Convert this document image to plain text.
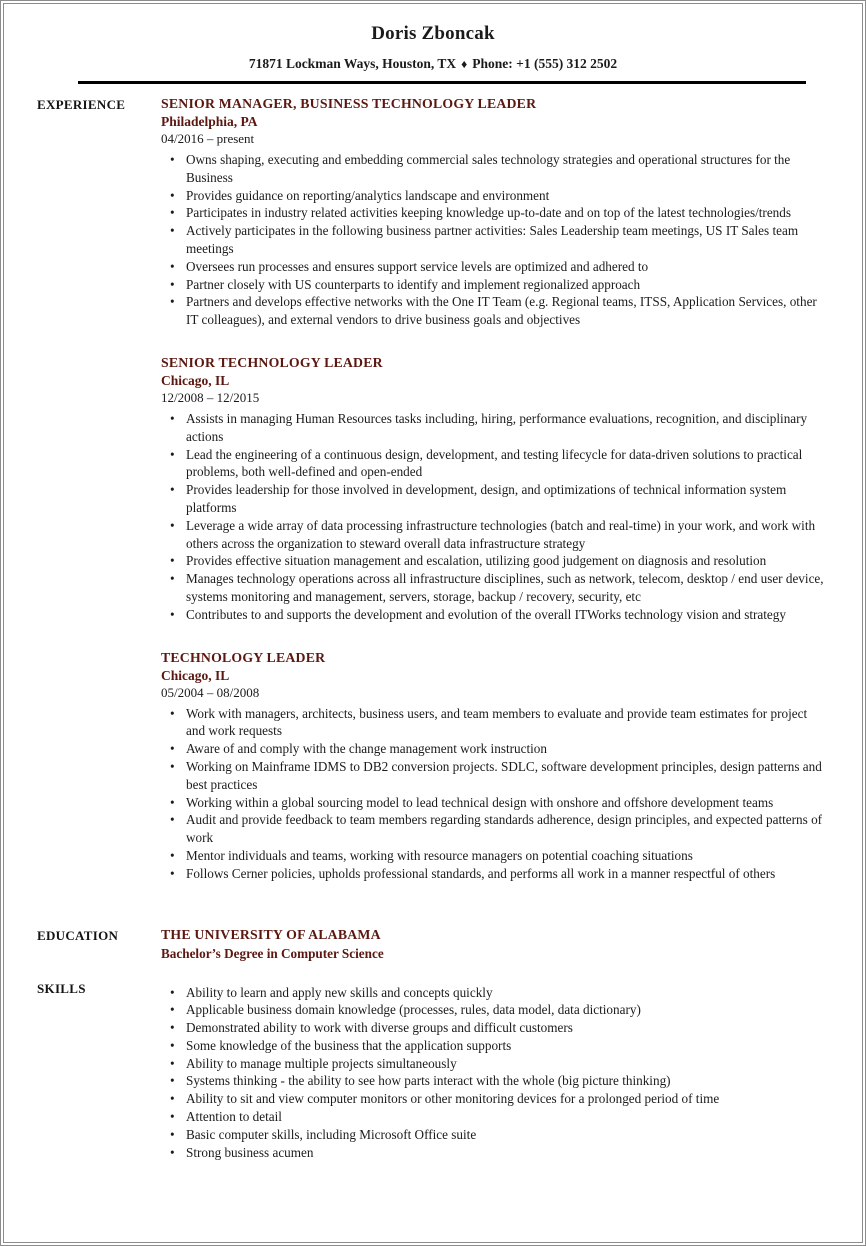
Doris Zboncak
71871 Lockman Ways, Houston, TX ♦ Phone: +1 (555) 312 2502
EXPERIENCE	SENIOR MANAGER, BUSINESS TECHNOLOGY LEADER
Philadelphia, PA
04/2016 – present
• Owns shaping, executing and embedding commercial sales technology strategies and operational structures for the Business
• Provides guidance on reporting/analytics landscape and environment
• Participates in industry related activities keeping knowledge up-to-date and on top of the latest technologies/trends
• Actively participates in the following business partner activities: Sales Leadership team meetings, US IT Sales team meetings
• Oversees run processes and ensures support service levels are optimized and adhered to
• Partner closely with US counterparts to identify and implement regionalized approach
• Partners and develops effective networks with the One IT Team (e.g. Regional teams, ITSS, Application Services, other IT colleagues), and external vendors to drive business goals and objectives
SENIOR TECHNOLOGY LEADER
Chicago, IL
12/2008 – 12/2015
• Assists in managing Human Resources tasks including, hiring, performance evaluations, recognition, and disciplinary actions
• Lead the engineering of a continuous design, development, and testing lifecycle for data-driven solutions to practical problems, both well-defined and open-ended
• Provides leadership for those involved in development, design, and optimizations of technical information system platforms
• Leverage a wide array of data processing infrastructure technologies (batch and real-time) in your work, and work with others across the organization to steward overall data infrastructure strategy
• Provides effective situation management and escalation, utilizing good judgement on diagnosis and resolution
• Manages technology operations across all infrastructure disciplines, such as network, telecom, desktop / end user device, systems monitoring and management, servers, storage, backup / recovery, security, etc
• Contributes to and supports the development and evolution of the overall ITWorks technology vision and strategy
TECHNOLOGY LEADER
Chicago, IL
05/2004 – 08/2008
• Work with managers, architects, business users, and team members to evaluate and provide team estimates for project and work requests
• Aware of and comply with the change management work instruction
• Working on Mainframe IDMS to DB2 conversion projects. SDLC, software development principles, design patterns and best practices
• Working within a global sourcing model to lead technical design with onshore and offshore development teams
• Audit and provide feedback to team members regarding standards adherence, design principles, and expected patterns of work
• Mentor individuals and teams, working with resource managers on potential coaching situations
• Follows Cerner policies, upholds professional standards, and performs all work in a manner respectful of others
EDUCATION	THE UNIVERSITY OF ALABAMA
Bachelor’s Degree in Computer Science
SKILLS	• Ability to learn and apply new skills and concepts quickly
• Applicable business domain knowledge (processes, rules, data model, data dictionary)
• Demonstrated ability to work with diverse groups and difficult customers
• Some knowledge of the business that the application supports
• Ability to manage multiple projects simultaneously
• Systems thinking - the ability to see how parts interact with the whole (big picture thinking)
• Ability to sit and view computer monitors or other monitoring devices for a prolonged period of time
• Attention to detail
• Basic computer skills, including Microsoft Office suite
• Strong business acumen
